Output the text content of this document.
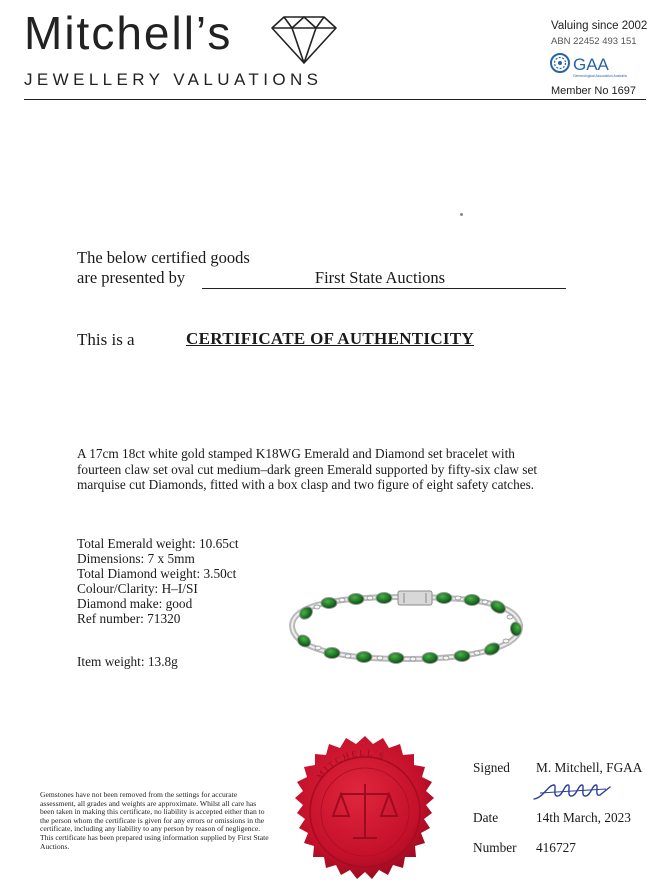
Mitchell’s
JEWELLERY VALUATIONS
Valuing since 2002
ABN 22452 493 151
GAA
Gemmological Association Australia
Member No 1697
The below certified goods
are presented by	First State Auctions
This is a	CERTIFICATE OF AUTHENTICITY
A 17cm 18ct white gold stamped K18WG Emerald and Diamond set bracelet with fourteen claw set oval cut medium–dark green Emerald supported by fifty-six claw set marquise cut Diamonds, fitted with a box clasp and two figure of eight safety catches.
Total Emerald weight: 10.65ct
Dimensions: 7 x 5mm
Total Diamond weight: 3.50ct
Colour/Clarity: H–I/SI
Diamond make: good
Ref number: 71320
Item weight: 13.8g
MITCHELL'S
Signed M. Mitchell, FGAA
Date	14th March, 2023
Number 416727
Gemstones have not been removed from the settings for accurate assessment, all grades and weights are approximate. Whilst all care has been taken in making this certificate, no liability is accepted either than to the person whom the certificate is given for any errors or omissions in the certificate, including any liability to any person by reason of negligence. This certificate has been prepared using information supplied by First State Auctions.
